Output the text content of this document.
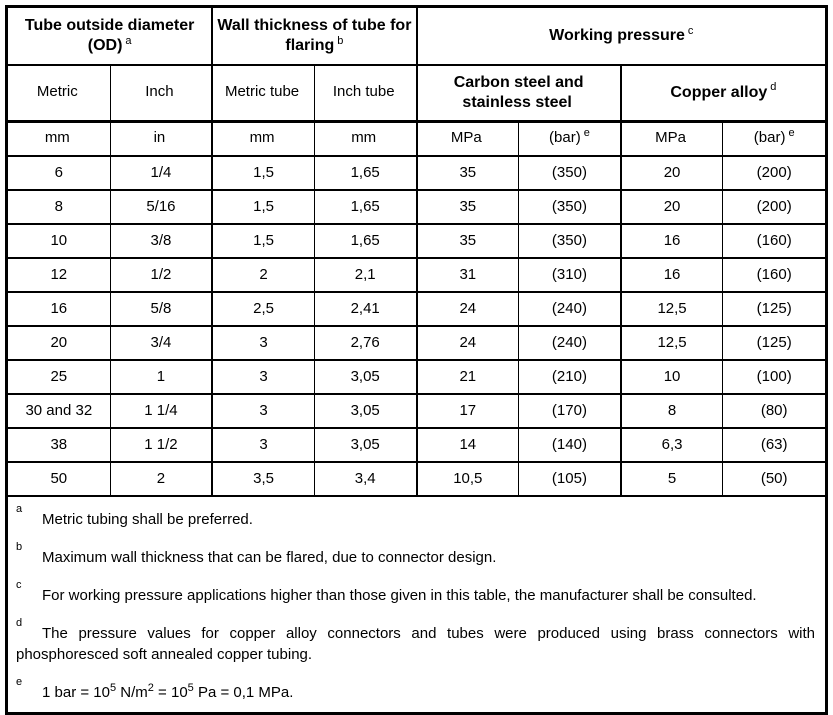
Tube outside diameter (OD) $^a$		Wall thickness of tube for flaring $^b$		Working pressure $^c$
Metric	Inch	Metric tube	Inch tube	Carbon steel and stainless steel		Copper alloy $^d$
mm	in	mm	mm	MPa	(bar) $^e$	MPa	(bar) $^e$
6	1/4	1,5	1,65	35	(350)	20	(200)
8	5/16	1,5	1,65	35	(350)	20	(200)
10	3/8	1,5	1,65	35	(350)	16	(160)
12	1/2	2	2,1	31	(310)	16	(160)
16	5/8	2,5	2,41	24	(240)	12,5	(125)
20	3/4	3	2,76	24	(240)	12,5	(125)
25	1	3	3,05	21	(210)	10	(100)
30 and 32	1 1/4	3	3,05	17	(170)	8	(80)
38	1 1/2	3	3,05	14	(140)	6,3	(63)
50	2	3,5	3,4	10,5	(105)	5	(50)

$^a$Metric tubing shall be preferred.

$^b$Maximum wall thickness that can be flared, due to connector design.

$^c$For working pressure applications higher than those given in this table, the manufacturer shall be consulted.

$^d$The pressure values for copper alloy connectors and tubes were produced using brass connectors with phosphoresced soft annealed copper tubing.

$^e$1 bar = $10^5$ $N/m^2 = 10^5$ Pa = 0,1 MPa.
